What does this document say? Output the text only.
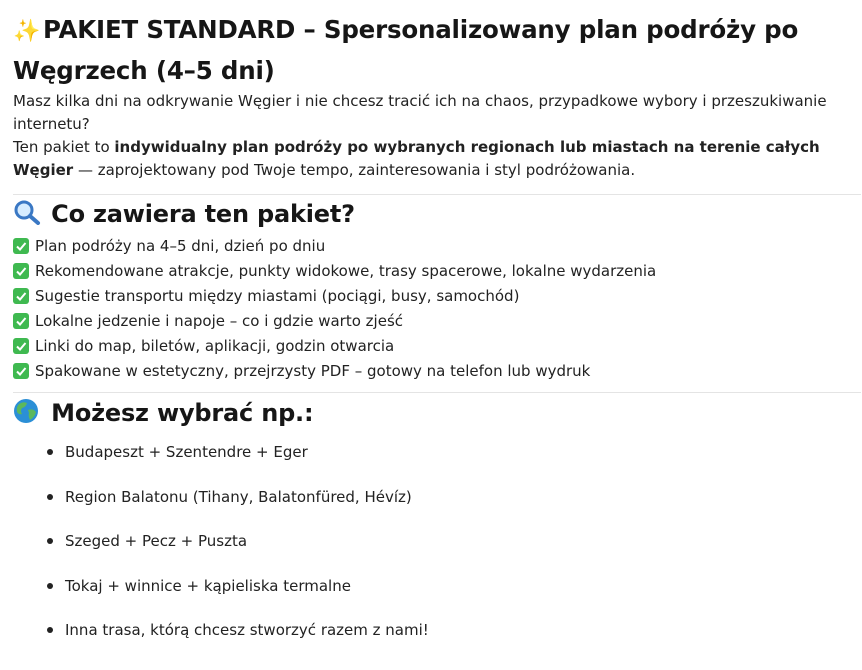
✨ PAKIET STANDARD – Spersonalizowany plan podróży po Węgrzech (4–5 dni)

Masz kilka dni na odkrywanie Węgier i nie chcesz tracić ich na chaos, przypadkowe wybory i przeszukiwanie internetu?
Ten pakiet to indywidualny plan podróży po wybranych regionach lub miastach na terenie całych Węgier — zaprojektowany pod Twoje tempo, zainteresowania i styl podróżowania.

Co zawiera ten pakiet?
Plan podróży na 4–5 dni, dzień po dniu
Rekomendowane atrakcje, punkty widokowe, trasy spacerowe, lokalne wydarzenia
Sugestie transportu między miastami (pociągi, busy, samochód)
Lokalne jedzenie i napoje – co i gdzie warto zjeść
Linki do map, biletów, aplikacji, godzin otwarcia
Spakowane w estetyczny, przejrzysty PDF – gotowy na telefon lub wydruk
Możesz wybrać np.:
Budapeszt + Szentendre + Eger
Region Balatonu (Tihany, Balatonfüred, Hévíz)
Szeged + Pecz + Puszta
Tokaj + winnice + kąpieliska termalne
Inna trasa, którą chcesz stworzyć razem z nami!
